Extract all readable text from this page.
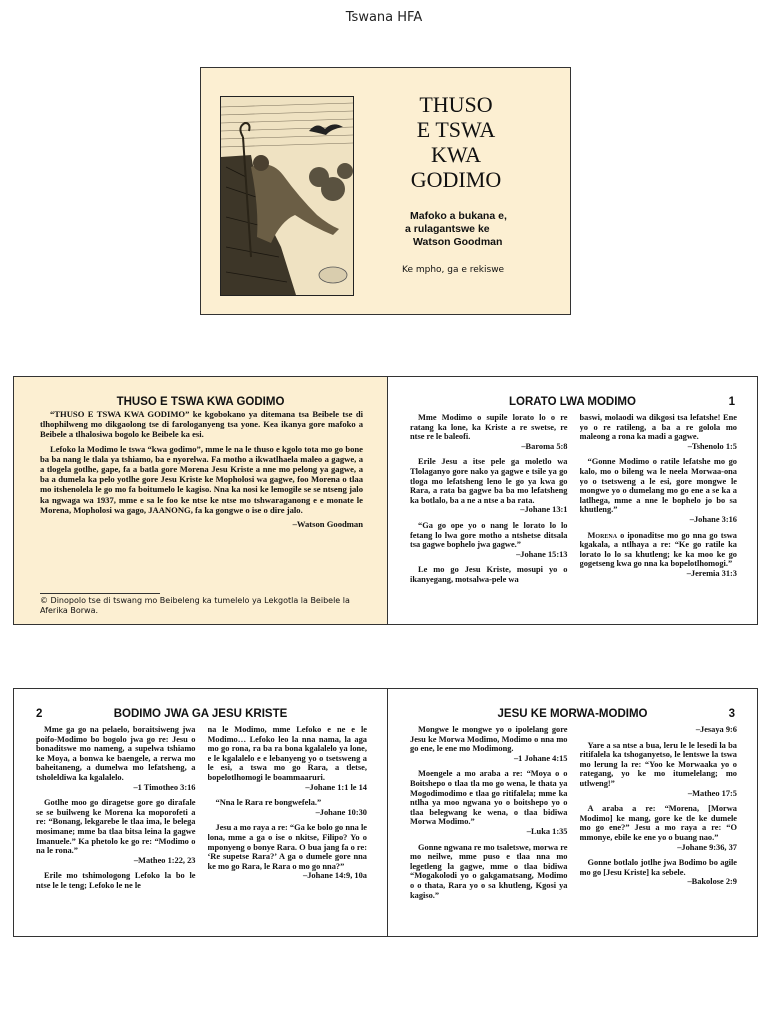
Tswana HFA
THUSO
E TSWA
KWA
GODIMO
Mafoko a bukana e,
a rulagantswe ke
Watson Goodman
Ke mpho, ga e rekiswe
THUSO E TSWA KWA GODIMO

“THUSO E TSWA KWA GODIMO” ke kgobokano ya ditemana tsa Beibele tse di tlhophilweng mo dikgaolong tse di farologanyeng tsa yone. Kea ikanya gore mafoko a Beibele a tlhalosiwa bogolo ke Beibele ka esi.

Lefoko la Modimo le tswa “kwa godimo”, mme le na le thuso e kgolo tota mo go bone ba ba nang le tlala ya tshiamo, ba e nyorelwa. Fa motho a ikwatlhaela maleo a gagwe, a a tlogela gotlhe, gape, fa a batla gore Morena Jesu Kriste a nne mo pelong ya gagwe, a ba a dumela ka pelo yotlhe gore Jesu Kriste ke Mopholosi wa gagwe, foo Morena o tlaa mo itshenolela le go mo fa boitumelo le kagiso. Nna ka nosi ke lemogile se se ntseng jalo ka ngwaga wa 1937, mme e sa le foo ke ntse ke ntse mo tshwaraganong e e monate le Morena, Mopholosi wa gago, JAANONG, fa ka gongwe o ise o dire jalo.

–Watson Goodman
© Dinopolo tse di tswang mo Beibeleng ka tumelelo ya Lekgotla la Beibele la Aferika Borwa.
LORATO LWA MODIMO	1
Mme Modimo o supile lorato lo o re ratang ka lone, ka Kriste a re swetse, re ntse re le baleofi.
–Baroma 5:8
Erile Jesu a itse pele ga moletlo wa Tlolaganyo gore nako ya gagwe e tsile ya go tloga mo lefatsheng leno le go ya kwa go Rara, a rata ba gagwe ba ba mo lefatsheng ka botlalo, ba a ne a ntse a ba rata.
–Johane 13:1
“Ga go ope yo o nang le lorato lo lo fetang lo lwa gore motho a ntshetse ditsala tsa gagwe bophelo jwa gagwe.”
–Johane 15:13
Le mo go Jesu Kriste, mosupi yo o ikanyegang, motsalwa-pele wa
baswi, molaodi wa dikgosi tsa lefatshe! Ene yo o re ratileng, a ba a re golola mo maleong a rona ka madi a gagwe.
–Tshenolo 1:5
“Gonne Modimo o ratile lefatshe mo go kalo, mo o bileng wa le neela Morwaa-ona yo o tsetsweng a le esi, gore mongwe le mongwe yo o dumelang mo go ene a se ka a latlhega, mme a nne le bophelo jo bo sa khutleng.”
–Johane 3:16
Morena o iponaditse mo go nna go tswa kgakala, a ntlhaya a re: “Ke go ratile ka lorato lo lo sa khutleng; ke ka moo ke go gogetseng kwa go nna ka bopelotlhomogi.”
–Jeremia 31:3
2	BODIMO JWA GA JESU KRISTE
Mme ga go na pelaelo, boraitsiweng jwa poifo-Modimo bo bogolo jwa go re: Jesu o bonaditswe mo nameng, a supelwa tshiamo ke Moya, a bonwa ke baengele, a rerwa mo baheitaneng, a dumelwa mo lefatsheng, a tsholeldiwa ka kgalalelo.
–1 Timotheo 3:16
Gotlhe moo go diragetse gore go dirafale se se builweng ke Morena ka moporofeti a re: “Bonang, lekgarebe le tlaa ima, le belega mosimane; mme ba tlaa bitsa leina la gagwe Imanuele.” Ka phetolo ke go re: “Modimo o na le rona.”
–Matheo 1:22, 23
Erile mo tshimologong Lefoko la bo le ntse le le teng; Lefoko le ne le
na le Modimo, mme Lefoko e ne e le Modimo… Lefoko leo la nna nama, la aga mo go rona, ra ba ra bona kgalalelo ya lone, e le kgalalelo e e lebanyeng yo o tsetsweng a le esi, a tswa mo go Rara, a tletse, bopelotlhomogi le boammaaruri.
–Johane 1:1 le 14
“Nna le Rara re bongwefela.”
–Johane 10:30
Jesu a mo raya a re: “Ga ke bolo go nna le lona, mme a ga o ise o nkitse, Filipo? Yo o mponyeng o bonye Rara. O bua jang fa o re: ‘Re supetse Rara?’ A ga o dumele gore nna ke mo go Rara, le Rara o mo go nna?”
–Johane 14:9, 10a
JESU KE MORWA-MODIMO	3
Mongwe le mongwe yo o ipolelang gore Jesu ke Morwa Modimo, Modimo o nna mo go ene, le ene mo Modimong.
–1 Johane 4:15
Moengele a mo araba a re: “Moya o o Boitshepo o tlaa tla mo go wena, le thata ya Mogodimodimo e tlaa go ritifalela; mme ka ntlha ya moo ngwana yo o boitshepo yo o tlaa belegwang ke wena, o tlaa bidiwa Morwa Modimo.”
–Luka 1:35
Gonne ngwana re mo tsaletswe, morwa re mo neilwe, mme puso e tlaa nna mo legetleng la gagwe, mme o tlaa bidiwa “Mogakolodi yo o gakgamatsang, Modimo o o thata, Rara yo o sa khutleng, Kgosi ya kagiso.”
–Jesaya 9:6
Yare a sa ntse a bua, leru le le lesedi la ba ritifalela ka tshoganyetso, le lentswe la tswa mo lerung la re: “Yoo ke Morwaaka yo o rategang, yo ke mo itumelelang; mo utlweng!”
–Matheo 17:5
A araba a re: “Morena, [Morwa Modimo] ke mang, gore ke tle ke dumele mo go ene?” Jesu a mo raya a re: “O mmonye, ebile ke ene yo o buang nao.”
–Johane 9:36, 37
Gonne botlalo jotlhe jwa Bodimo bo agile mo go [Jesu Kriste] ka sebele.
–Bakolose 2:9
